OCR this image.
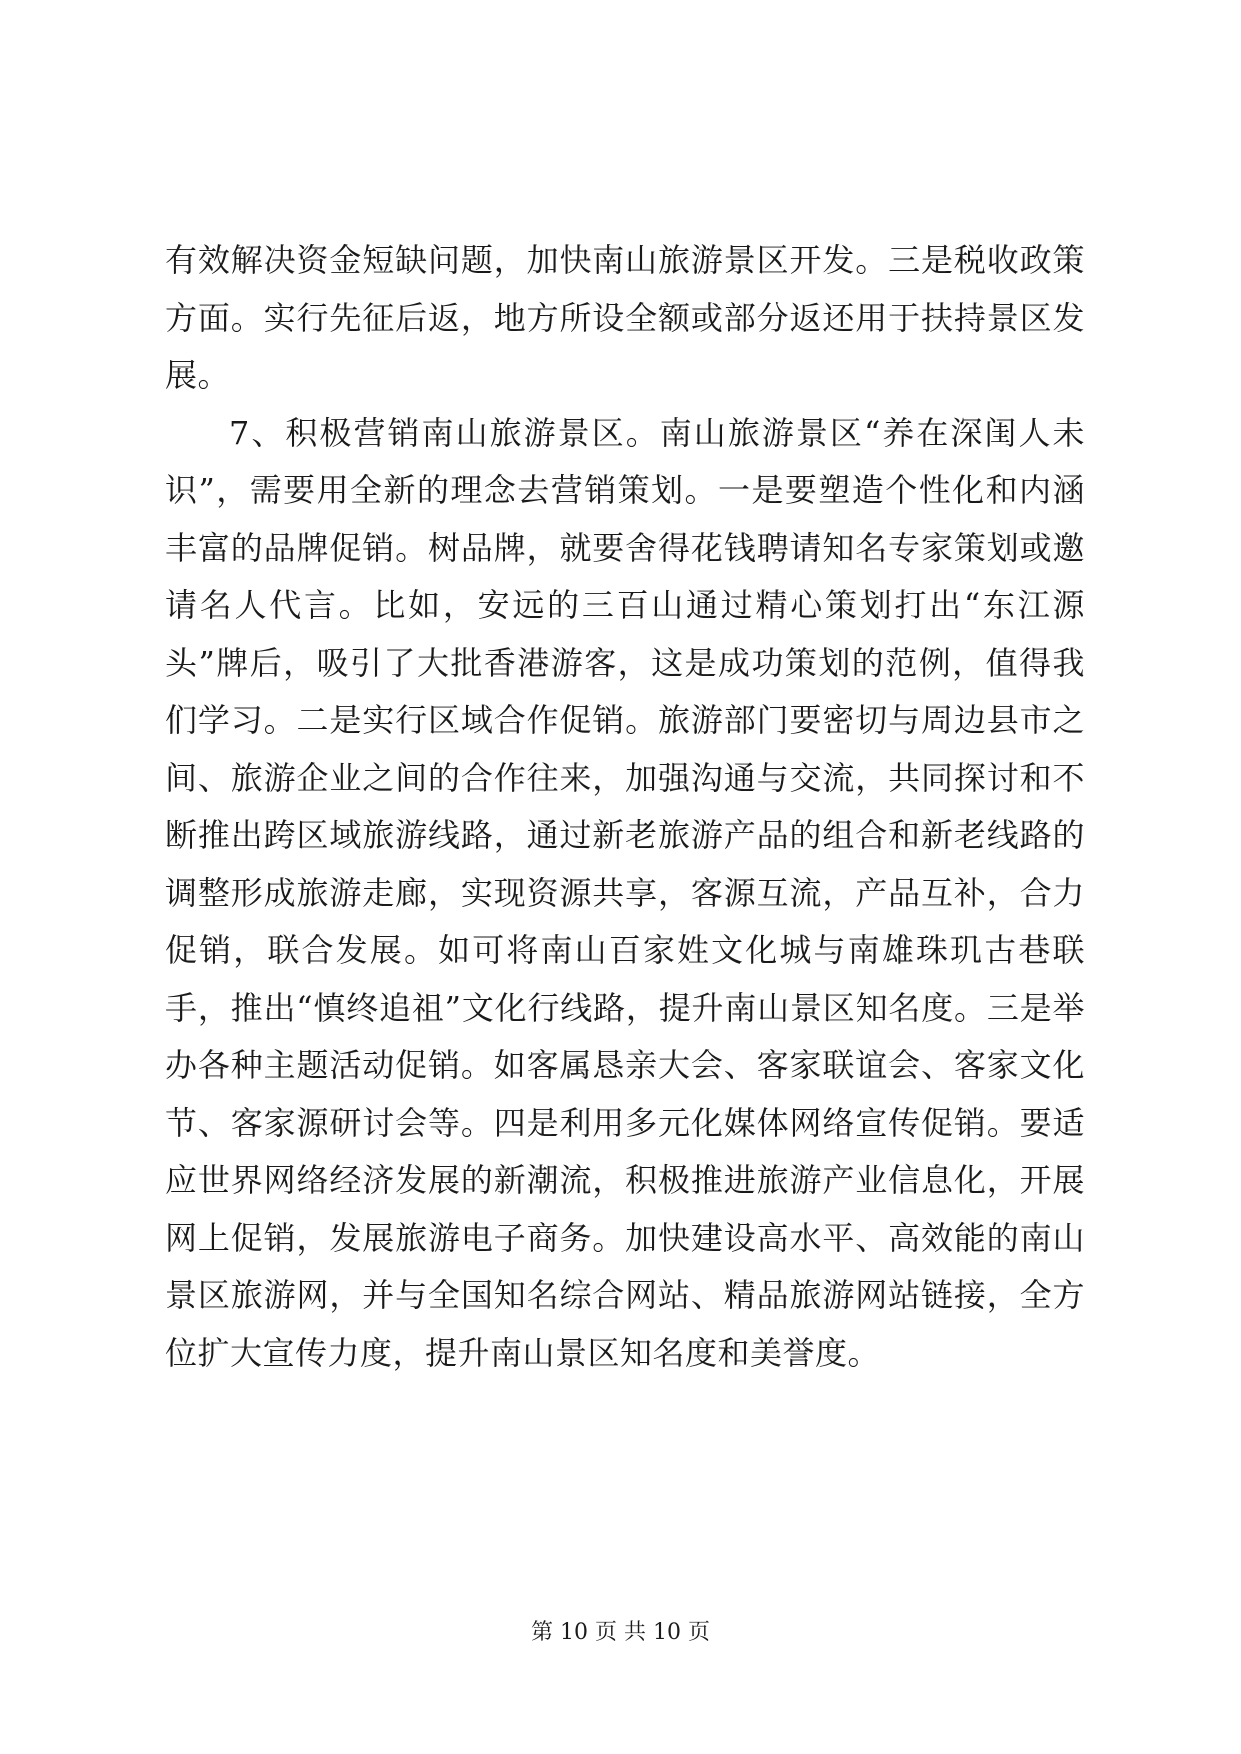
有效解决资金短缺问题，加快南山旅游景区开发。三是税收政策方面。实行先征后返，地方所设全额或部分返还用于扶持景区发展。

7、积极营销南山旅游景区。南山旅游景区“养在深闺人未识”，需要用全新的理念去营销策划。一是要塑造个性化和内涵丰富的品牌促销。树品牌，就要舍得花钱聘请知名专家策划或邀请名人代言。比如，安远的三百山通过精心策划打出“东江源头”牌后，吸引了大批香港游客，这是成功策划的范例，值得我们学习。二是实行区域合作促销。旅游部门要密切与周边县市之间、旅游企业之间的合作往来，加强沟通与交流，共同探讨和不断推出跨区域旅游线路，通过新老旅游产品的组合和新老线路的调整形成旅游走廊，实现资源共享，客源互流，产品互补，合力促销，联合发展。如可将南山百家姓文化城与南雄珠玑古巷联手，推出“慎终追祖”文化行线路，提升南山景区知名度。三是举办各种主题活动促销。如客属恳亲大会、客家联谊会、客家文化节、客家源研讨会等。四是利用多元化媒体网络宣传促销。要适应世界网络经济发展的新潮流，积极推进旅游产业信息化，开展网上促销，发展旅游电子商务。加快建设高水平、高效能的南山景区旅游网，并与全国知名综合网站、精品旅游网站链接，全方位扩大宣传力度，提升南山景区知名度和美誉度。

第 10 页 共 10 页
